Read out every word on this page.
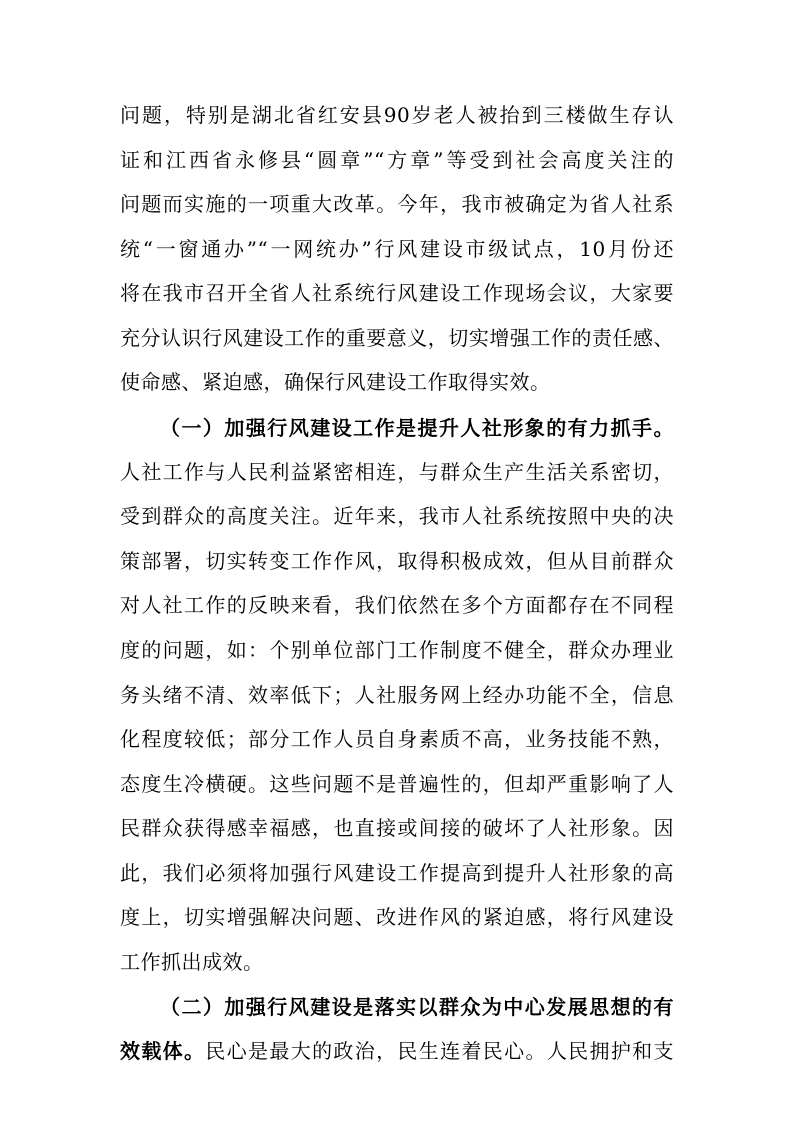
问题，特别是湖北省红安县90岁老人被抬到三楼做生存认
证和江西省永修县“圆章”“方章”等受到社会高度关注的
问题而实施的一项重大改革。今年，我市被确定为省人社系
统“一窗通办”“一网统办”行风建设市级试点，10月份还
将在我市召开全省人社系统行风建设工作现场会议，大家要
充分认识行风建设工作的重要意义，切实增强工作的责任感、
使命感、紧迫感，确保行风建设工作取得实效。
（一）加强行风建设工作是提升人社形象的有力抓手。
人社工作与人民利益紧密相连，与群众生产生活关系密切，
受到群众的高度关注。近年来，我市人社系统按照中央的决
策部署，切实转变工作作风，取得积极成效，但从目前群众
对人社工作的反映来看，我们依然在多个方面都存在不同程
度的问题，如：个别单位部门工作制度不健全，群众办理业
务头绪不清、效率低下；人社服务网上经办功能不全，信息
化程度较低；部分工作人员自身素质不高，业务技能不熟，
态度生冷横硬。这些问题不是普遍性的，但却严重影响了人
民群众获得感幸福感，也直接或间接的破坏了人社形象。因
此，我们必须将加强行风建设工作提高到提升人社形象的高
度上，切实增强解决问题、改进作风的紧迫感，将行风建设
工作抓出成效。
（二）加强行风建设是落实以群众为中心发展思想的有
效载体。民心是最大的政治，民生连着民心。人民拥护和支
